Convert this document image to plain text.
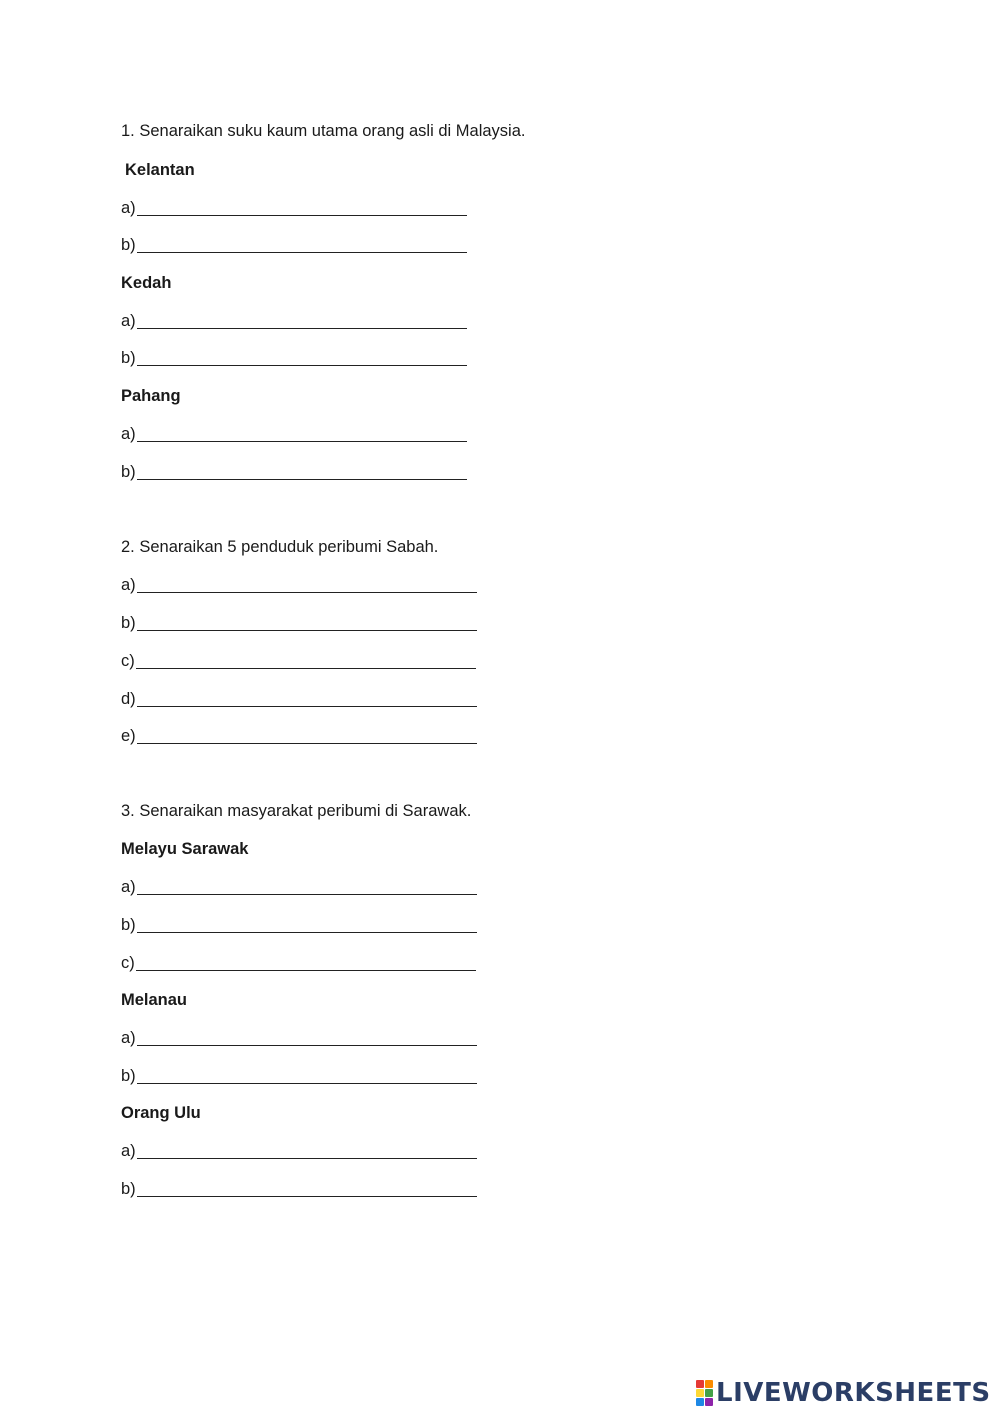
1. Senaraikan suku kaum utama orang asli di Malaysia.
Kelantan
a)
b)
Kedah
a)
b)
Pahang
a)
b)
2. Senaraikan 5 penduduk peribumi Sabah.
a)
b)
c)
d)
e)
3. Senaraikan masyarakat peribumi di Sarawak.
Melayu Sarawak
a)
b)
c)
Melanau
a)
b)
Orang Ulu
a)
b)
LIVEWORKSHEETS
